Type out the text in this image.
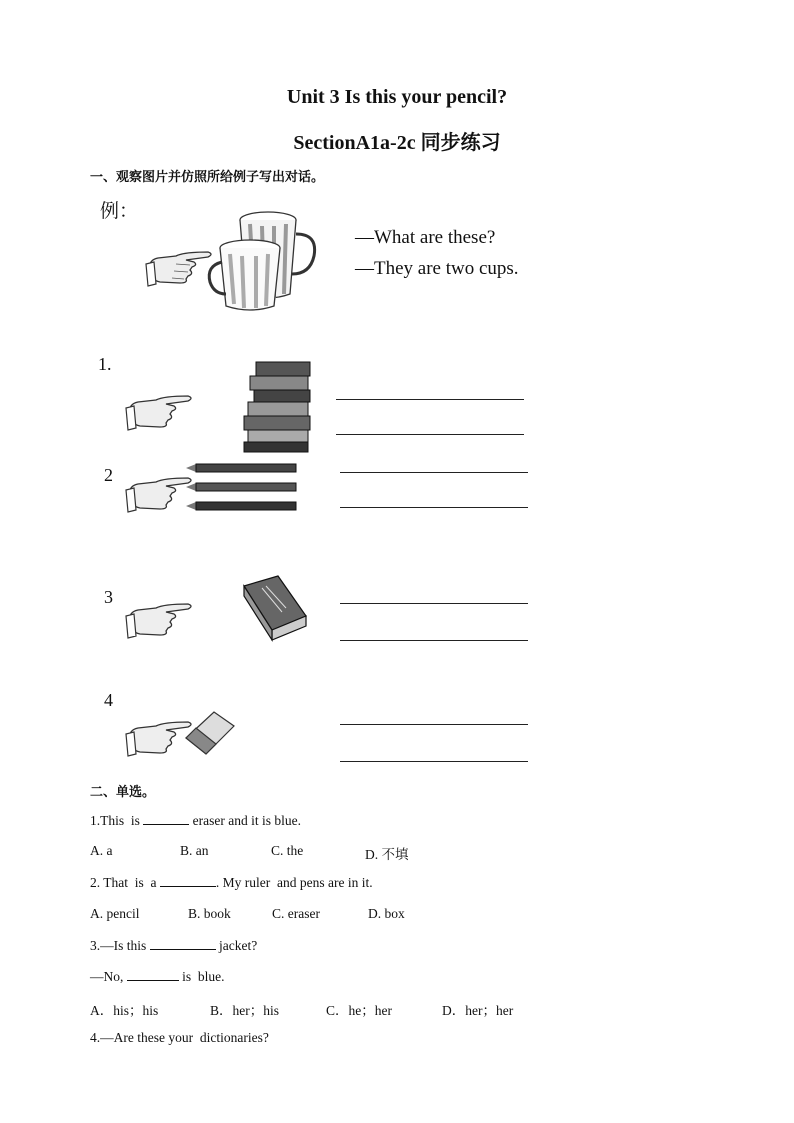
Unit 3 Is this your pencil?
SectionA1a-2c 同步练习
一、观察图片并仿照所给例子写出对话。
例：
—What are these?
—They are two cups.
1.
2
3
4
二、单选。
1.This  is	eraser and it is blue.
A. a	B. an	C. the	D. 不填
2. That  is  a	. My ruler  and pens are in it.
A. pencil	B. book	C. eraser	D. box
3.—Is this	jacket?
—No,	is  blue.
A．his；his	B．her；his	C．he；her	D．her；her
4.—Are these your  dictionaries?
